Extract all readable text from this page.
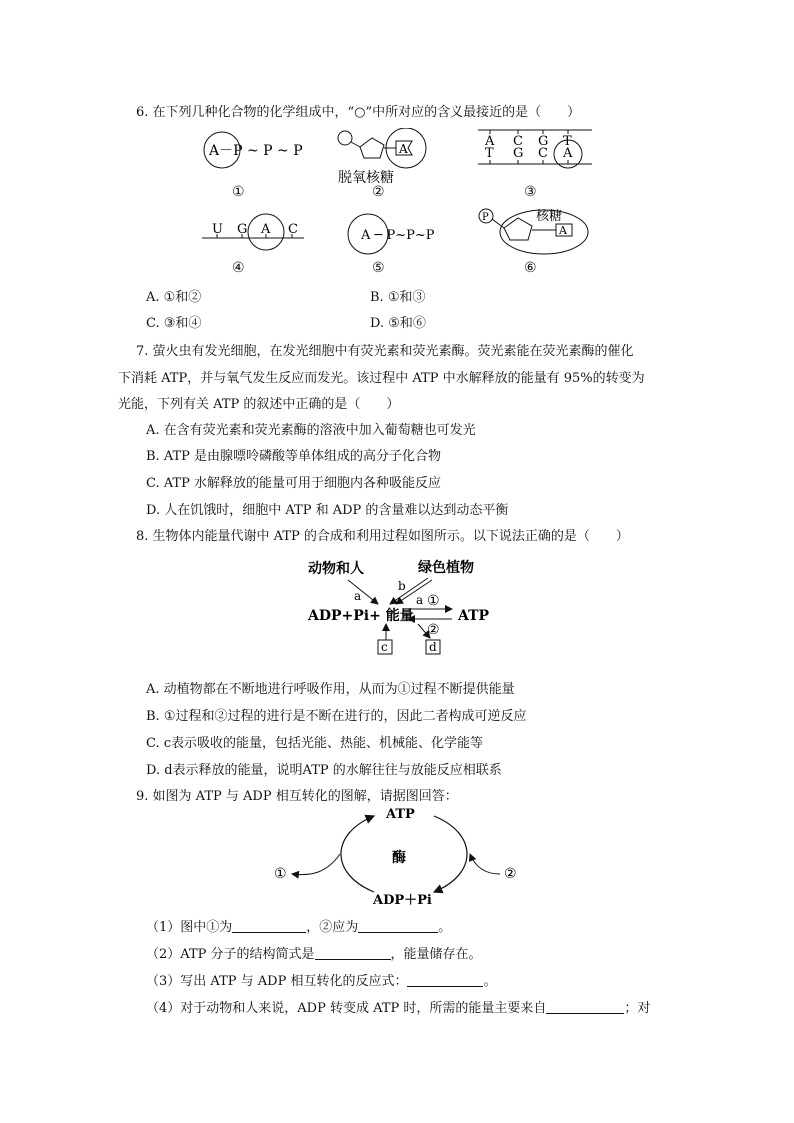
6. 在下列几种化合物的化学组成中，“○”中所对应的含义最接近的是（　　）
A－P ~ P ~ P
①
A
脱氧核糖
②
A C G T
T G C A
③
U G A C
④
A ─ P~P~P
⑤
P
A
核糖
⑥
A. ①和②	B. ①和③
C. ③和④	D. ⑤和⑥
7. 萤火虫有发光细胞，在发光细胞中有荧光素和荧光素酶。荧光素能在荧光素酶的催化
下消耗 ATP，并与氧气发生反应而发光。该过程中 ATP 中水解释放的能量有 95%的转变为
光能，下列有关 ATP 的叙述中正确的是（　　）
A. 在含有荧光素和荧光素酶的溶液中加入葡萄糖也可发光
B. ATP 是由腺嘌呤磷酸等单体组成的高分子化合物
C. ATP 水解释放的能量可用于细胞内各种吸能反应
D. 人在饥饿时，细胞中 ATP 和 ADP 的含量难以达到动态平衡
8. 生物体内能量代谢中 ATP 的合成和利用过程如图所示。以下说法正确的是（　　）
动物和人	绿色植物
a
b
a ①
ADP+Pi+ 能量	ATP
②
c	d
A. 动植物都在不断地进行呼吸作用，从而为①过程不断提供能量
B. ①过程和②过程的进行是不断在进行的，因此二者构成可逆反应
C. c表示吸收的能量，包括光能、热能、机械能、化学能等
D. d表示释放的能量，说明ATP 的水解往往与放能反应相联系
9. 如图为 ATP 与 ADP 相互转化的图解，请据图回答：
ATP
ADP＋Pi
酶
①	②
（1）图中①为	，②应为	。
（2）ATP 分子的结构简式是	，能量储存在。
（3）写出 ATP 与 ADP 相互转化的反应式：	。
（4）对于动物和人来说，ADP 转变成 ATP 时，所需的能量主要来自	；对
